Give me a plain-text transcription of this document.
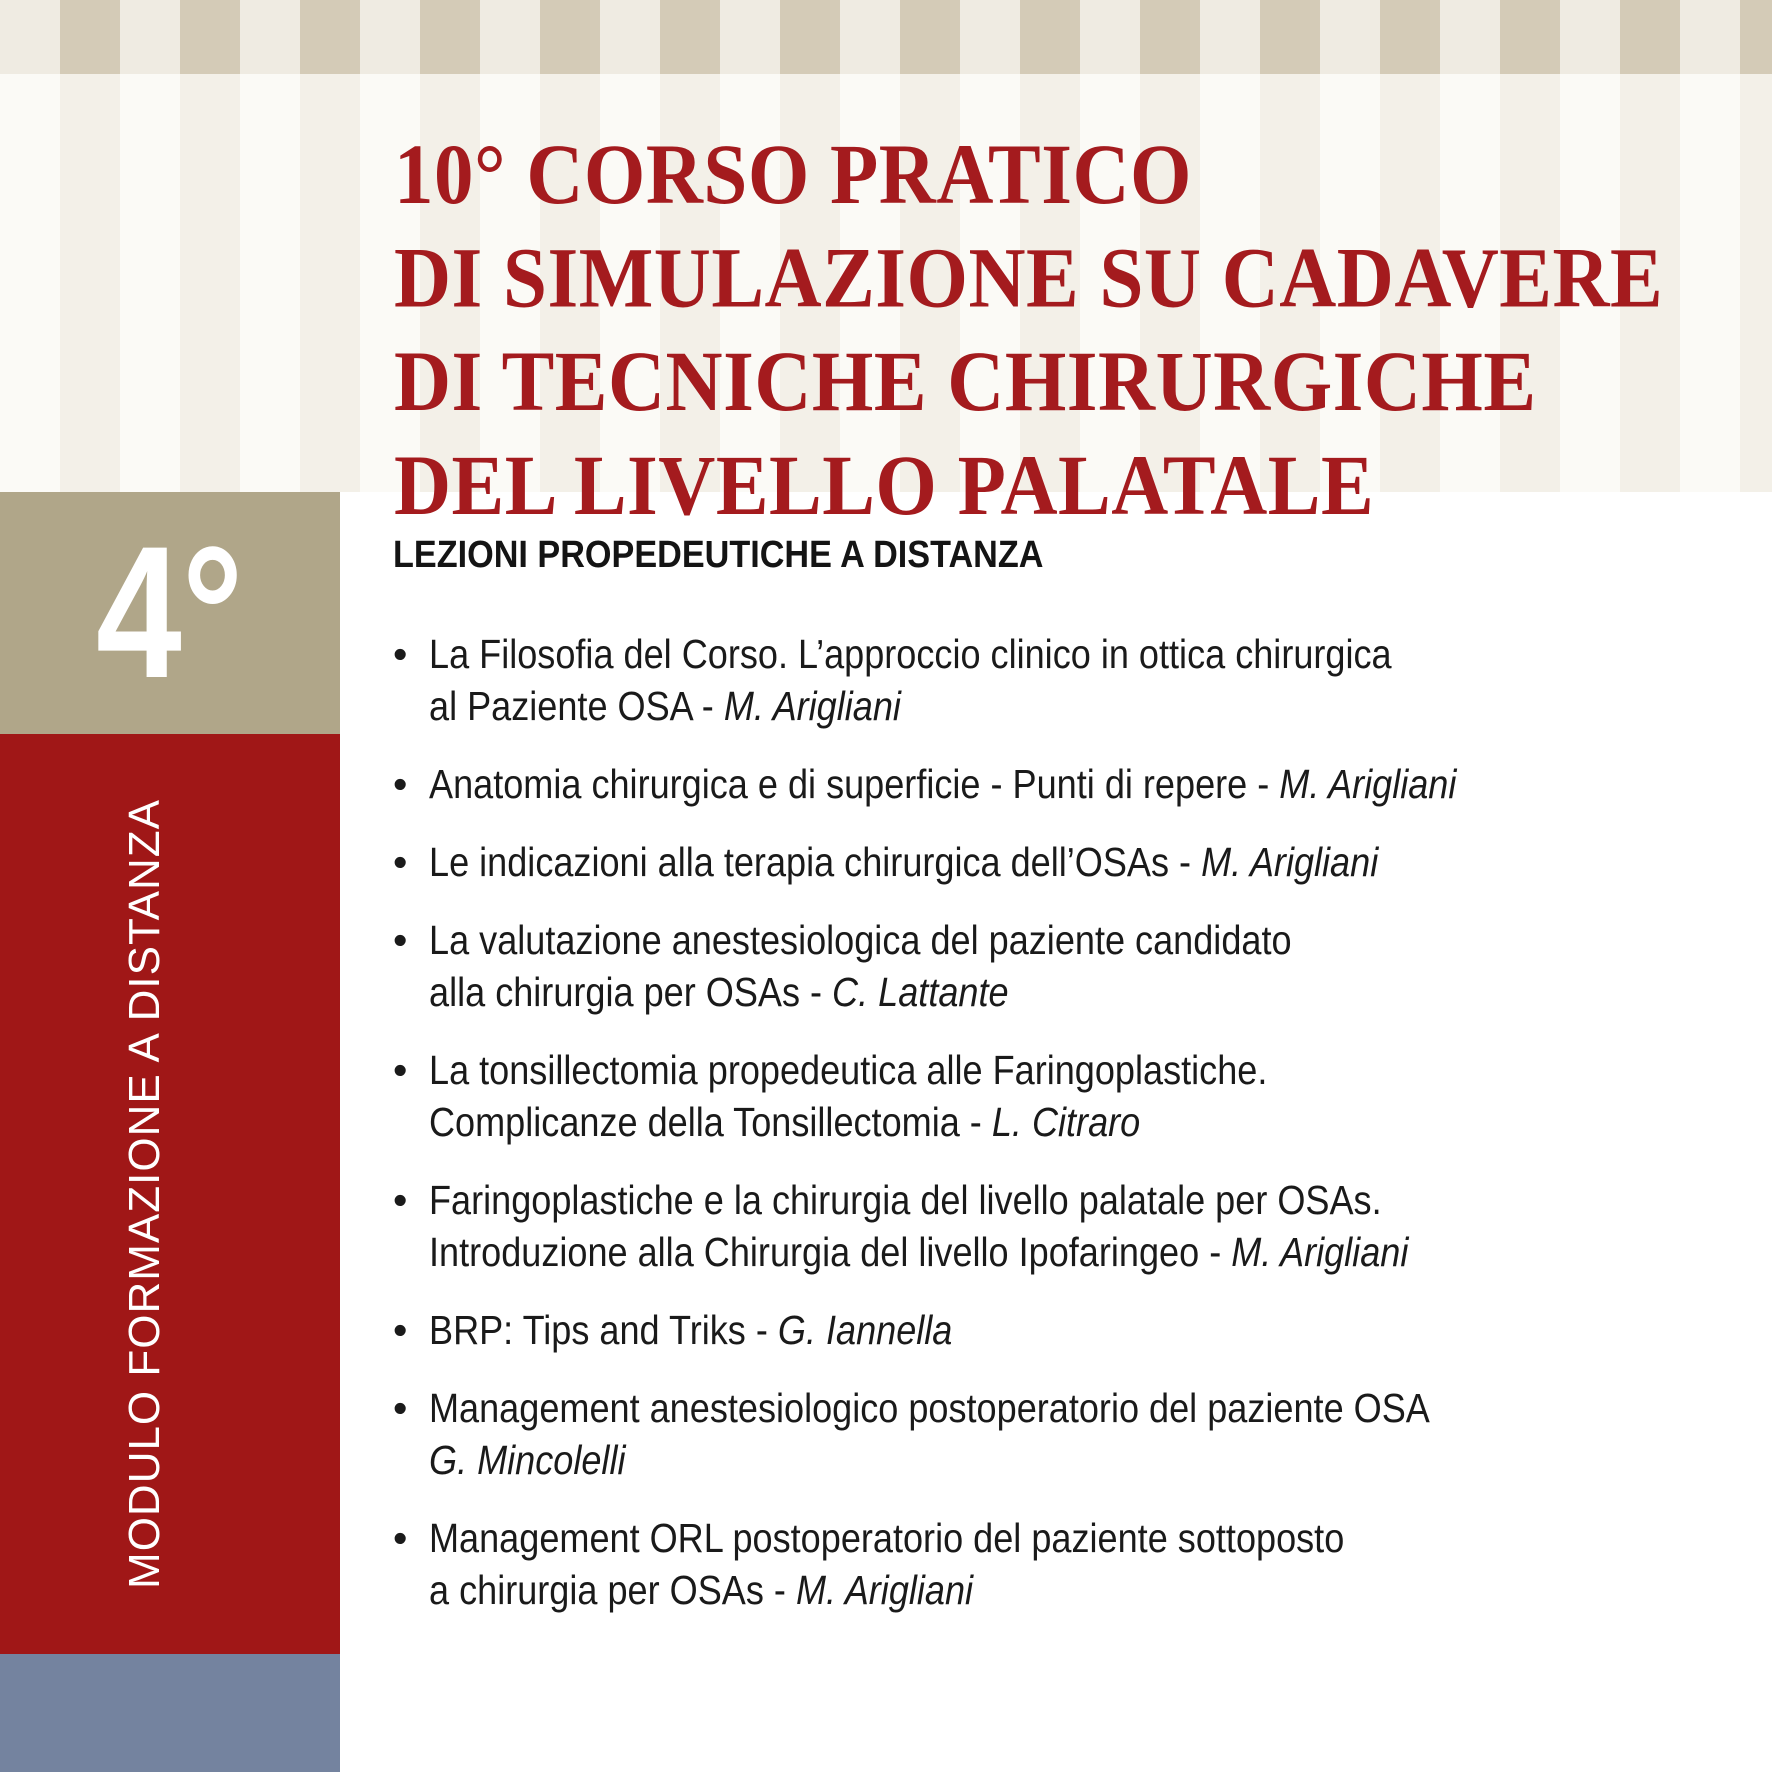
10° CORSO PRATICO
DI SIMULAZIONE SU CADAVERE
DI TECNICHE CHIRURGICHE
DEL LIVELLO PALATALE
4°
MODULO FORMAZIONE A DISTANZA
LEZIONI PROPEDEUTICHE A DISTANZA
• La Filosofia del Corso. L’approccio clinico in ottica chirurgica
al Paziente OSA - M. Arigliani
• Anatomia chirurgica e di superficie - Punti di repere - M. Arigliani
• Le indicazioni alla terapia chirurgica dell’OSAs - M. Arigliani
• La valutazione anestesiologica del paziente candidato
alla chirurgia per OSAs - C. Lattante
• La tonsillectomia propedeutica alle Faringoplastiche.
Complicanze della Tonsillectomia - L. Citraro
• Faringoplastiche e la chirurgia del livello palatale per OSAs.
Introduzione alla Chirurgia del livello Ipofaringeo - M. Arigliani
• BRP: Tips and Triks - G. Iannella
• Management anestesiologico postoperatorio del paziente OSA
G. Mincolelli
• Management ORL postoperatorio del paziente sottoposto
a chirurgia per OSAs - M. Arigliani
